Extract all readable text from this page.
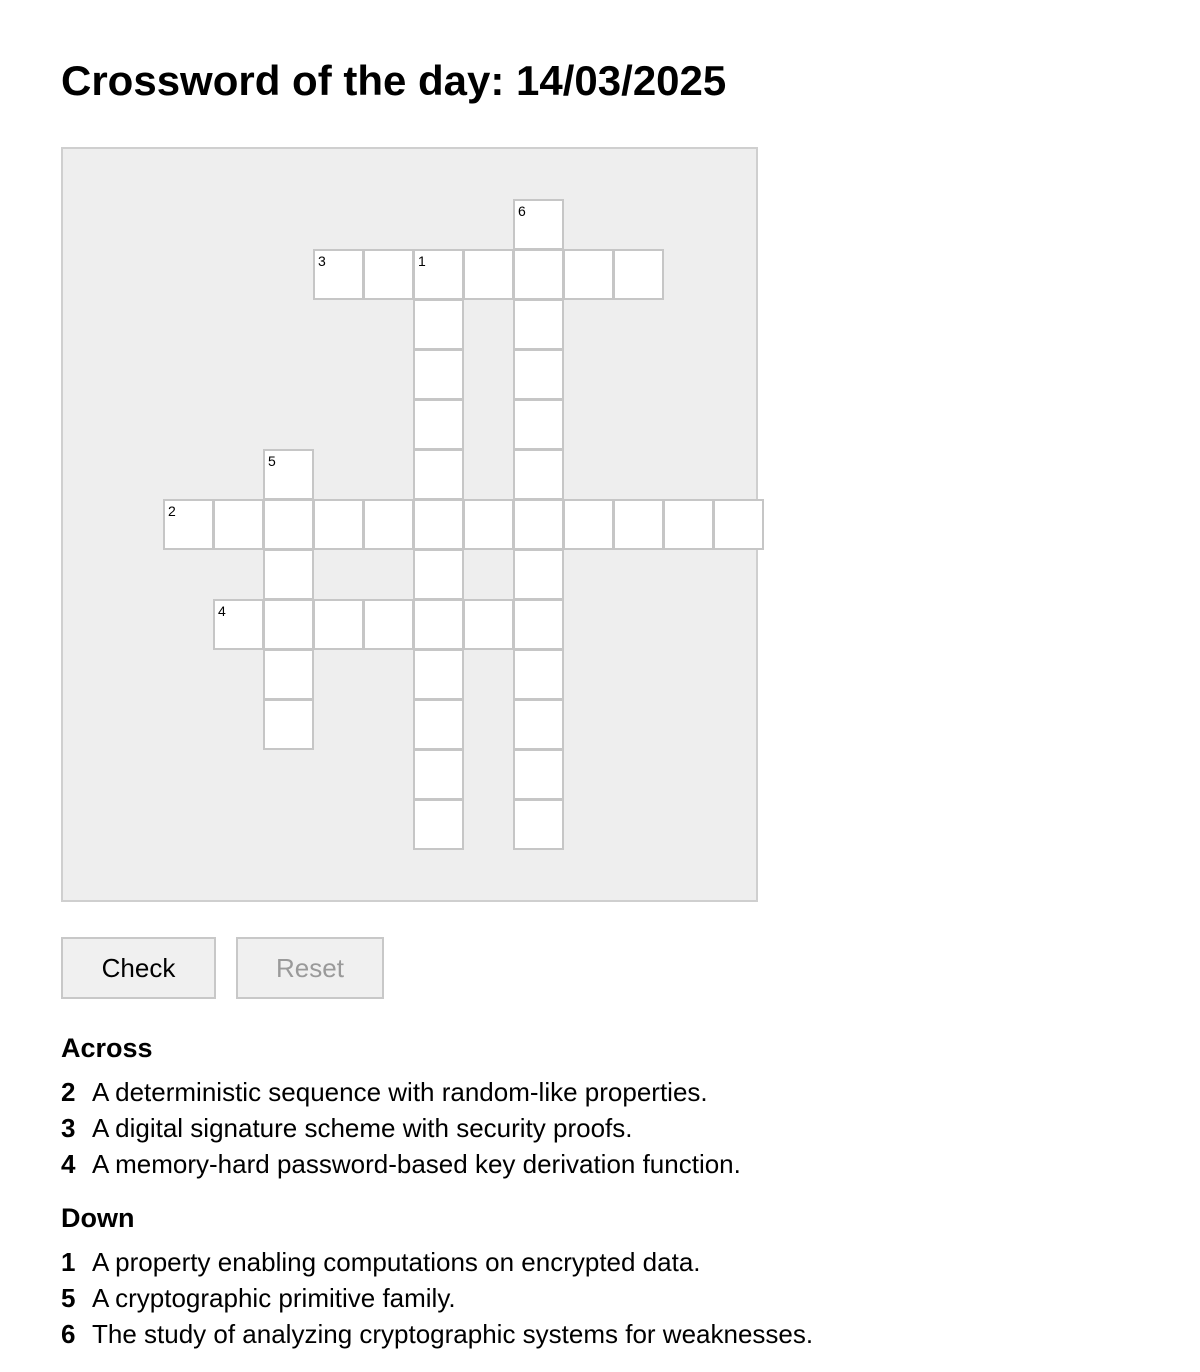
Crossword of the day: 14/03/2025
6
3	1
5
2
4
Check	Reset
Across
2 A deterministic sequence with random-like properties.
3 A digital signature scheme with security proofs.
4 A memory-hard password-based key derivation function.
Down
1 A property enabling computations on encrypted data.
5 A cryptographic primitive family.
6 The study of analyzing cryptographic systems for weaknesses.
